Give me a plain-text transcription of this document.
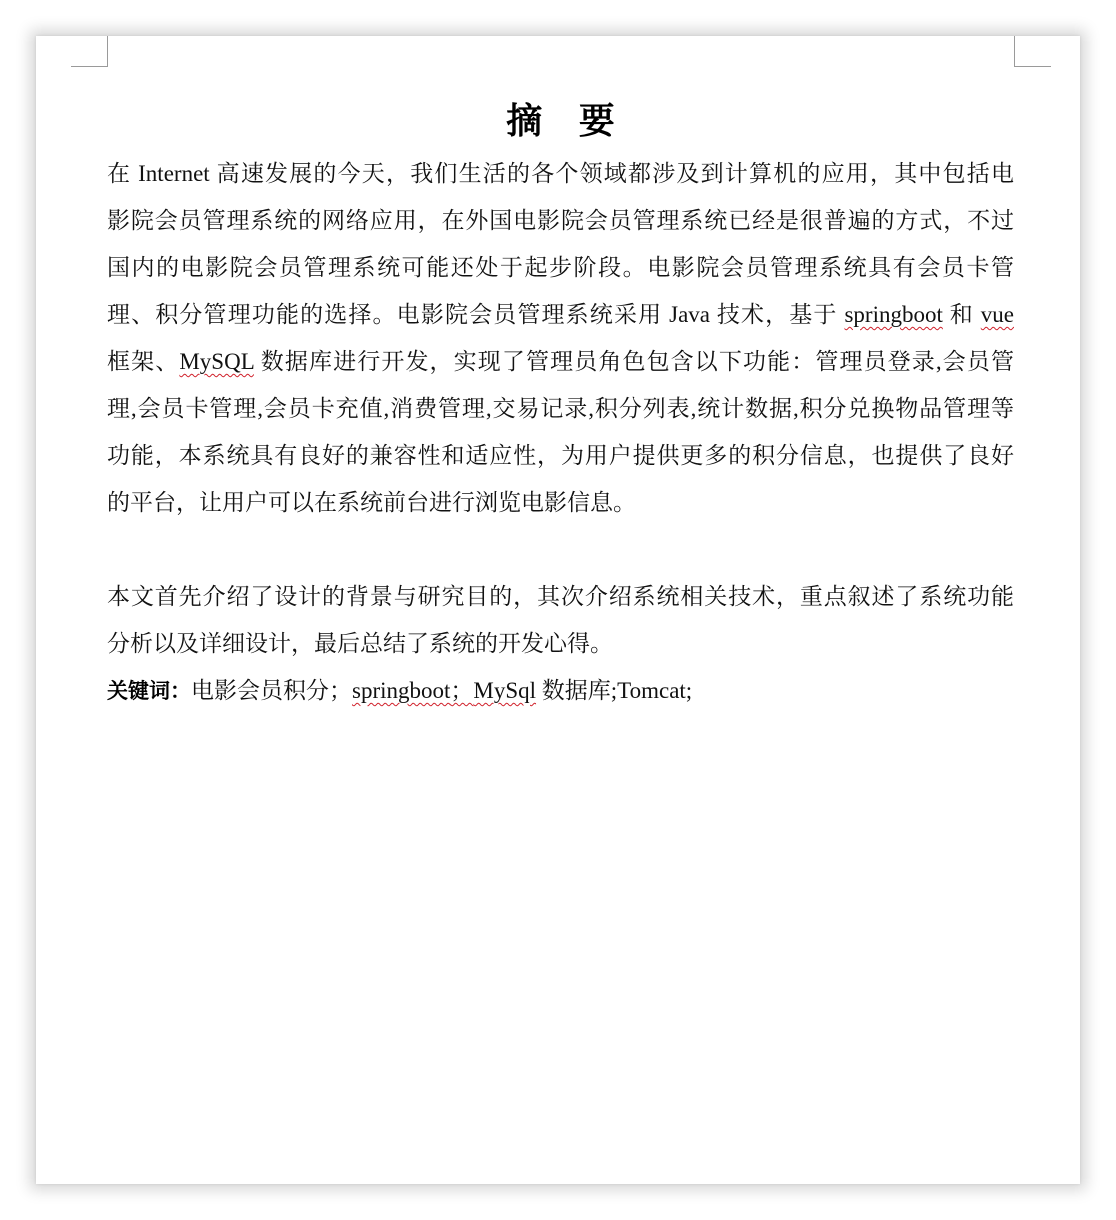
摘 要

在 Internet 高速发展的今天，我们生活的各个领域都涉及到计算机的应用，其中包括电
影院会员管理系统的网络应用，在外国电影院会员管理系统已经是很普遍的方式，不过
国内的电影院会员管理系统可能还处于起步阶段。电影院会员管理系统具有会员卡管
理、积分管理功能的选择。电影院会员管理系统采用 Java 技术，基于 springboot 和 vue
框架、MySQL 数据库进行开发，实现了管理员角色包含以下功能：管理员登录,会员管
理,会员卡管理,会员卡充值,消费管理,交易记录,积分列表,统计数据,积分兑换物品管理等
功能，本系统具有良好的兼容性和适应性，为用户提供更多的积分信息，也提供了良好
的平台，让用户可以在系统前台进行浏览电影信息。

本文首先介绍了设计的背景与研究目的，其次介绍系统相关技术，重点叙述了系统功能
分析以及详细设计，最后总结了系统的开发心得。

关键词：电影会员积分；springboot；MySql 数据库;Tomcat;
